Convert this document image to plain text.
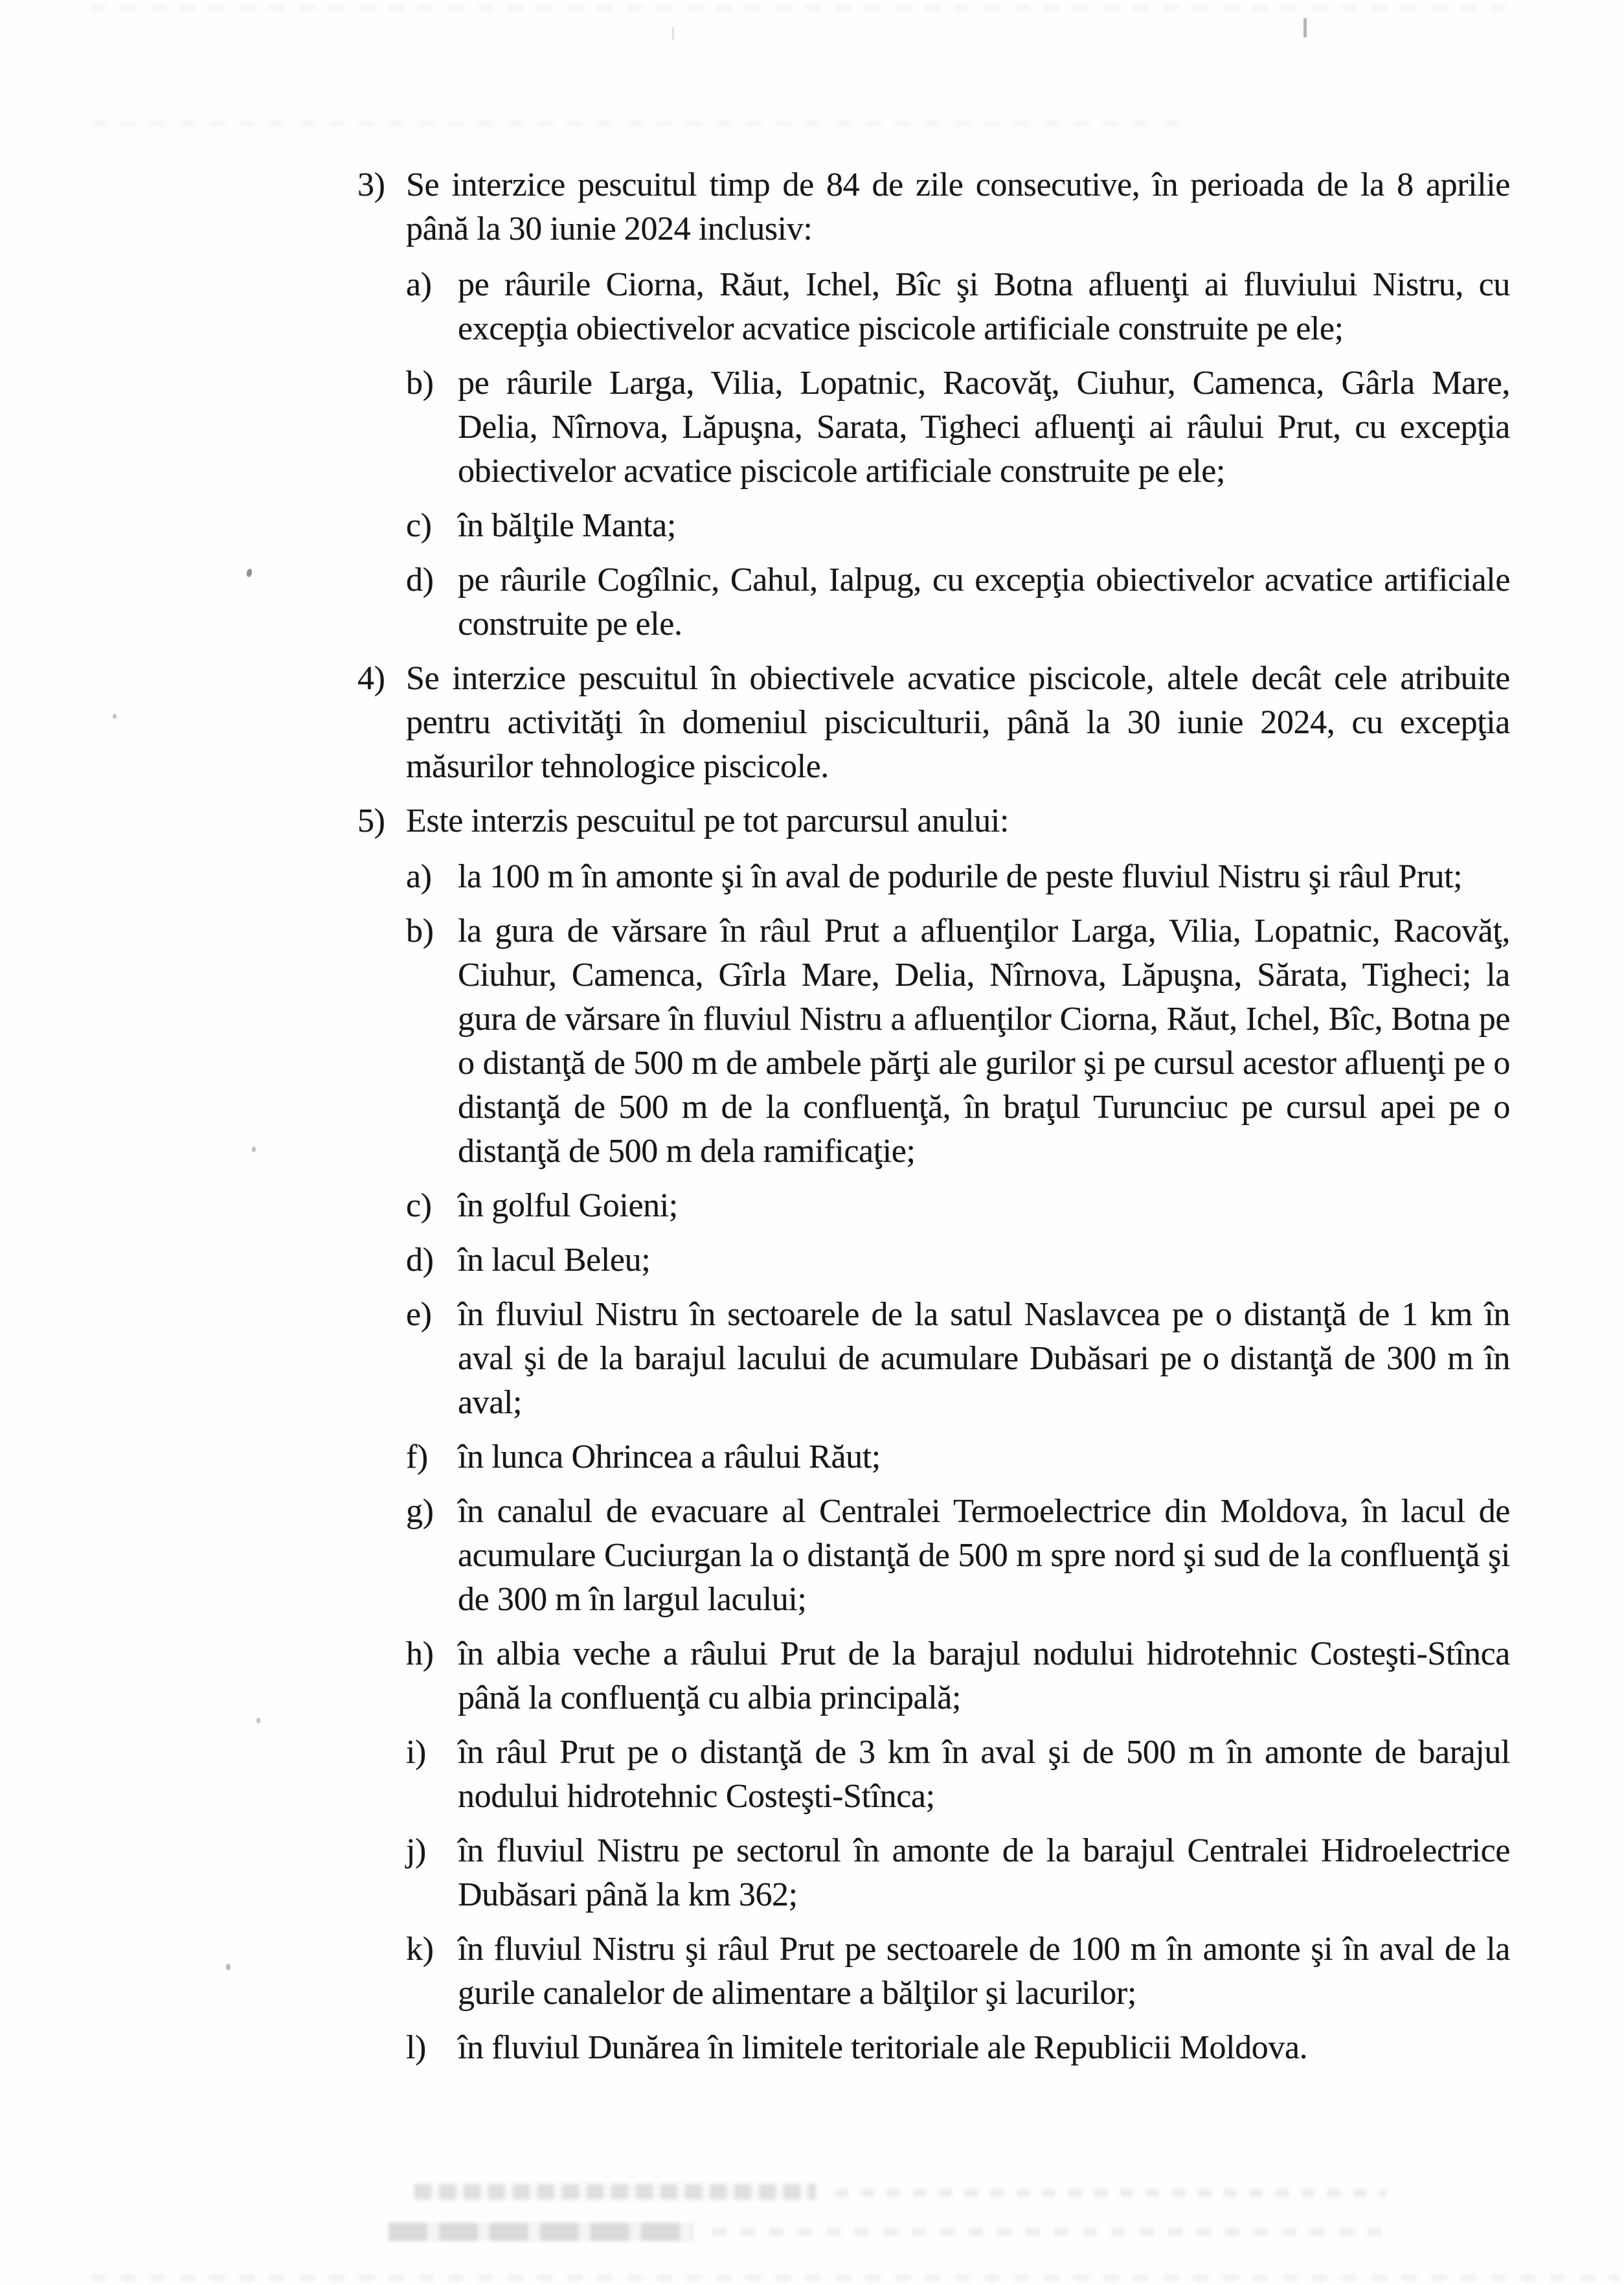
3) Se interzice pescuitul timp de 84 de zile consecutive, în perioada de la 8 aprilie până la 30 iunie 2024 inclusiv:
a) pe râurile Ciorna, Răut, Ichel, Bîc şi Botna afluenţi ai fluviului Nistru, cu excepţia obiectivelor acvatice piscicole artificiale construite pe ele;
b) pe râurile Larga, Vilia, Lopatnic, Racovăţ, Ciuhur, Camenca, Gârla Mare, Delia, Nîrnova, Lăpuşna, Sarata, Tigheci afluenţi ai râului Prut, cu excepţia obiectivelor acvatice piscicole artificiale construite pe ele;
c) în bălţile Manta;
d) pe râurile Cogîlnic, Cahul, Ialpug, cu excepţia obiectivelor acvatice artificiale construite pe ele.
4) Se interzice pescuitul în obiectivele acvatice piscicole, altele decât cele atribuite pentru activităţi în domeniul pisciculturii, până la 30 iunie 2024, cu excepţia măsurilor tehnologice piscicole.
5) Este interzis pescuitul pe tot parcursul anului:
a) la 100 m în amonte şi în aval de podurile de peste fluviul Nistru şi râul Prut;
b) la gura de vărsare în râul Prut a afluenţilor Larga, Vilia, Lopatnic, Racovăţ, Ciuhur, Camenca, Gîrla Mare, Delia, Nîrnova, Lăpuşna, Sărata, Tigheci; la gura de vărsare în fluviul Nistru a afluenţilor Ciorna, Răut, Ichel, Bîc, Botna pe o distanţă de 500 m de ambele părţi ale gurilor şi pe cursul acestor afluenţi pe o distanţă de 500 m de la confluenţă, în braţul Turunciuc pe cursul apei pe o distanţă de 500 m dela ramificaţie;
c) în golful Goieni;
d) în lacul Beleu;
e) în fluviul Nistru în sectoarele de la satul Naslavcea pe o distanţă de 1 km în aval şi de la barajul lacului de acumulare Dubăsari pe o distanţă de 300 m în aval;
f) în lunca Ohrincea a râului Răut;
g) în canalul de evacuare al Centralei Termoelectrice din Moldova, în lacul de acumulare Cuciurgan la o distanţă de 500 m spre nord şi sud de la confluenţă şi de 300 m în largul lacului;
h) în albia veche a râului Prut de la barajul nodului hidrotehnic Costeşti-Stînca până la confluenţă cu albia principală;
i) în râul Prut pe o distanţă de 3 km în aval şi de 500 m în amonte de barajul nodului hidrotehnic Costeşti-Stînca;
j) în fluviul Nistru pe sectorul în amonte de la barajul Centralei Hidroelectrice Dubăsari până la km 362;
k) în fluviul Nistru şi râul Prut pe sectoarele de 100 m în amonte şi în aval de la gurile canalelor de alimentare a bălţilor şi lacurilor;
l) în fluviul Dunărea în limitele teritoriale ale Republicii Moldova.
